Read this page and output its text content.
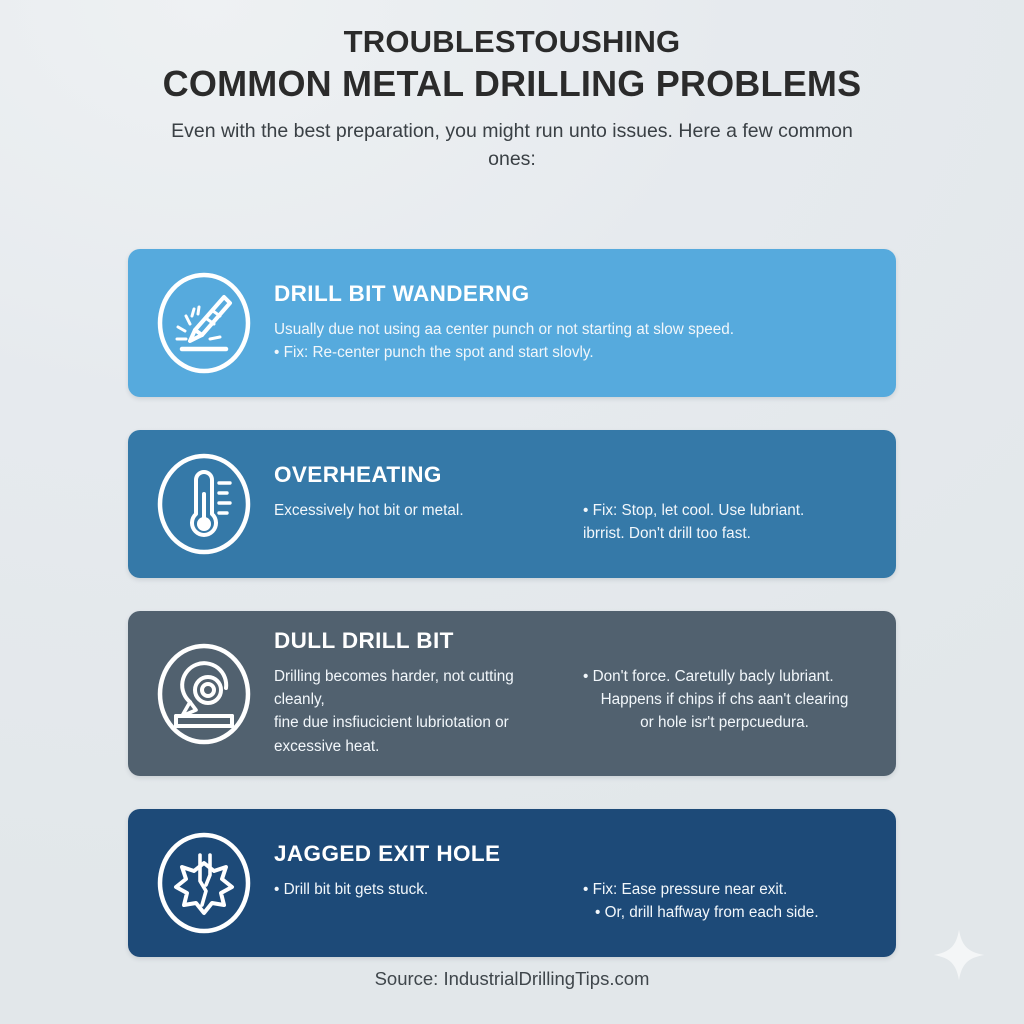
TROUBLESTOUSHING
COMMON METAL DRILLING PROBLEMS
Even with the best preparation, you might run unto issues. Here a few common ones:
DRILL BIT WANDERNG
Usually due not using aa center punch or not starting at slow speed.
• Fix: Re-center punch the spot and start slovly.
OVERHEATING
Excessively hot bit or metal.	• Fix: Stop, let cool. Use lubriant.
ibrrist. Don't drill too fast.
DULL DRILL BIT
Drilling becomes harder, not cutting cleanly,
fine due insfiucicient lubriotation or
excessive heat.
• Don't force. Caretully bacly lubriant.
Happens if chips if chs aan't clearing
or hole isr't perpcuedura.
JAGGED EXIT HOLE
• Drill bit bit gets stuck.	• Fix: Ease pressure near exit.
• Or, drill haffway from each side.
Source: IndustrialDrillingTips.com
